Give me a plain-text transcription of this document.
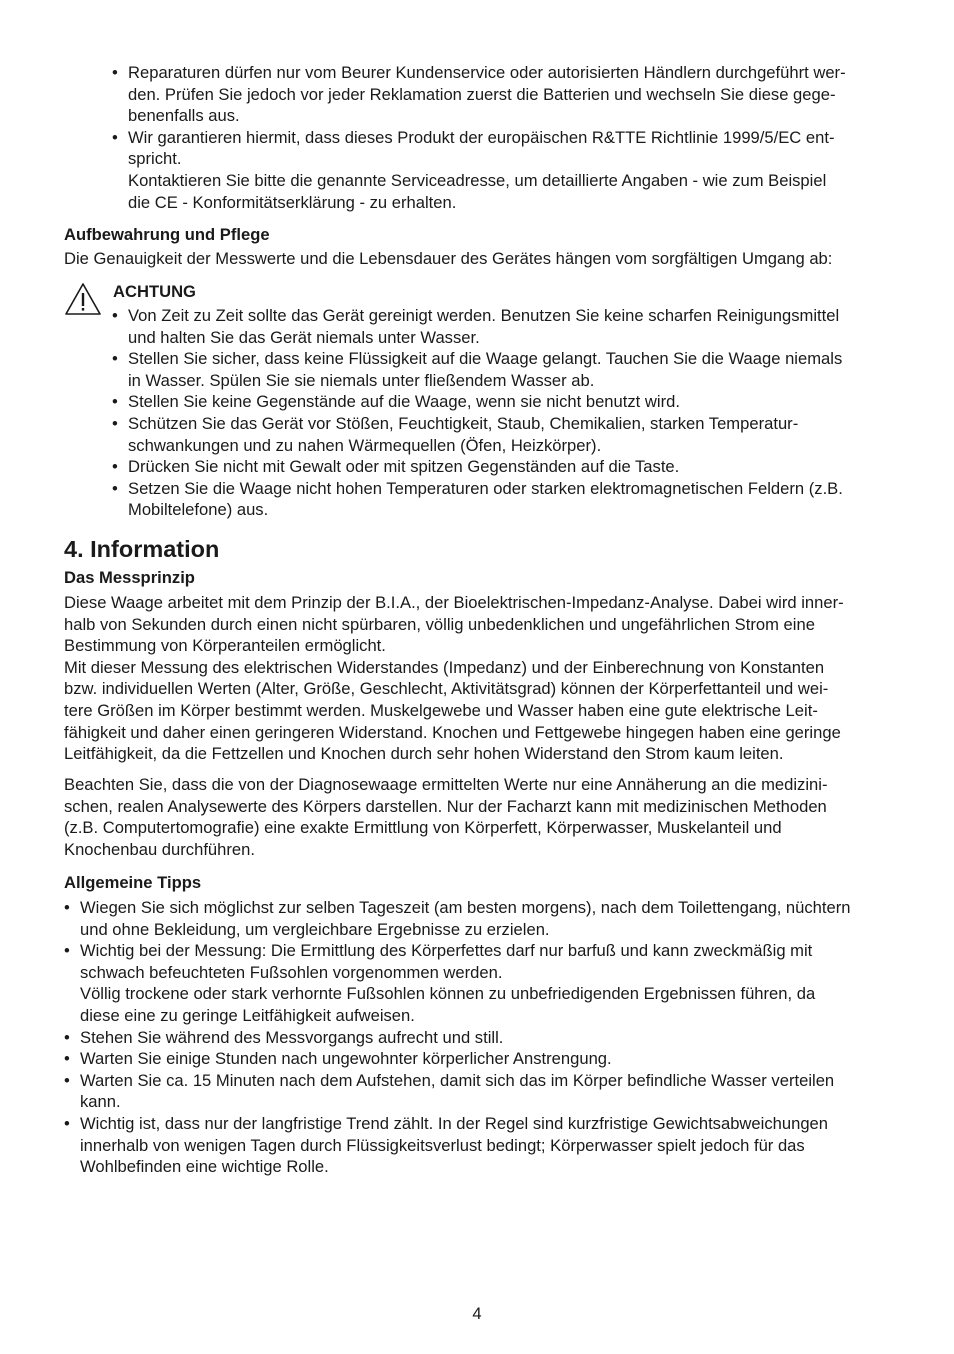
• Reparaturen dürfen nur vom Beurer Kundenservice oder autorisierten Händlern durchgeführt wer-

den. Prüfen Sie jedoch vor jeder Reklamation zuerst die Batterien und wechseln Sie diese gege-

benenfalls aus.

• Wir garantieren hiermit, dass dieses Produkt der europäischen R&TTE Richtlinie 1999/5/EC ent-

spricht.

Kontaktieren Sie bitte die genannte Serviceadresse, um detaillierte Angaben - wie zum Beispiel

die CE - Konformitätserklärung - zu erhalten.

Aufbewahrung und Pflege

Die Genauigkeit der Messwerte und die Lebensdauer des Gerätes hängen vom sorgfältigen Umgang ab:

ACHTUNG

• Von Zeit zu Zeit sollte das Gerät gereinigt werden. Benutzen Sie keine scharfen Reinigungsmittel

und halten Sie das Gerät niemals unter Wasser.

• Stellen Sie sicher, dass keine Flüssigkeit auf die Waage gelangt. Tauchen Sie die Waage niemals

in Wasser. Spülen Sie sie niemals unter fließendem Wasser ab.

• Stellen Sie keine Gegenstände auf die Waage, wenn sie nicht benutzt wird.

• Schützen Sie das Gerät vor Stößen, Feuchtigkeit, Staub, Chemikalien, starken Temperatur-

schwankungen und zu nahen Wärmequellen (Öfen, Heizkörper).

• Drücken Sie nicht mit Gewalt oder mit spitzen Gegenständen auf die Taste.

• Setzen Sie die Waage nicht hohen Temperaturen oder starken elektromagnetischen Feldern (z.B.

Mobiltelefone) aus.

4. Information

Das Messprinzip

Diese Waage arbeitet mit dem Prinzip der B.I.A., der Bioelektrischen-Impedanz-Analyse. Dabei wird inner-

halb von Sekunden durch einen nicht spürbaren, völlig unbedenklichen und ungefährlichen Strom eine

Bestimmung von Körperanteilen ermöglicht.

Mit dieser Messung des elektrischen Widerstandes (Impedanz) und der Einberechnung von Konstanten

bzw. individuellen Werten (Alter, Größe, Geschlecht, Aktivitätsgrad) können der Körperfettanteil und wei-

tere Größen im Körper bestimmt werden. Muskelgewebe und Wasser haben eine gute elektrische Leit-

fähigkeit und daher einen geringeren Widerstand. Knochen und Fettgewebe hingegen haben eine geringe

Leitfähigkeit, da die Fettzellen und Knochen durch sehr hohen Widerstand den Strom kaum leiten.

Beachten Sie, dass die von der Diagnosewaage ermittelten Werte nur eine Annäherung an die medizini-

schen, realen Analysewerte des Körpers darstellen. Nur der Facharzt kann mit medizinischen Methoden

(z.B. Computertomografie) eine exakte Ermittlung von Körperfett, Körperwasser, Muskelanteil und

Knochenbau durchführen.

Allgemeine Tipps

• Wiegen Sie sich möglichst zur selben Tageszeit (am besten morgens), nach dem Toilettengang, nüchtern

und ohne Bekleidung, um vergleichbare Ergebnisse zu erzielen.

• Wichtig bei der Messung: Die Ermittlung des Körperfettes darf nur barfuß und kann zweckmäßig mit

schwach befeuchteten Fußsohlen vorgenommen werden.

Völlig trockene oder stark verhornte Fußsohlen können zu unbefriedigenden Ergebnissen führen, da

diese eine zu geringe Leitfähigkeit aufweisen.

• Stehen Sie während des Messvorgangs aufrecht und still.

• Warten Sie einige Stunden nach ungewohnter körperlicher Anstrengung.

• Warten Sie ca. 15 Minuten nach dem Aufstehen, damit sich das im Körper befindliche Wasser verteilen

kann.

• Wichtig ist, dass nur der langfristige Trend zählt. In der Regel sind kurzfristige Gewichtsabweichungen

innerhalb von wenigen Tagen durch Flüssigkeitsverlust bedingt; Körperwasser spielt jedoch für das

Wohlbefinden eine wichtige Rolle.

4
